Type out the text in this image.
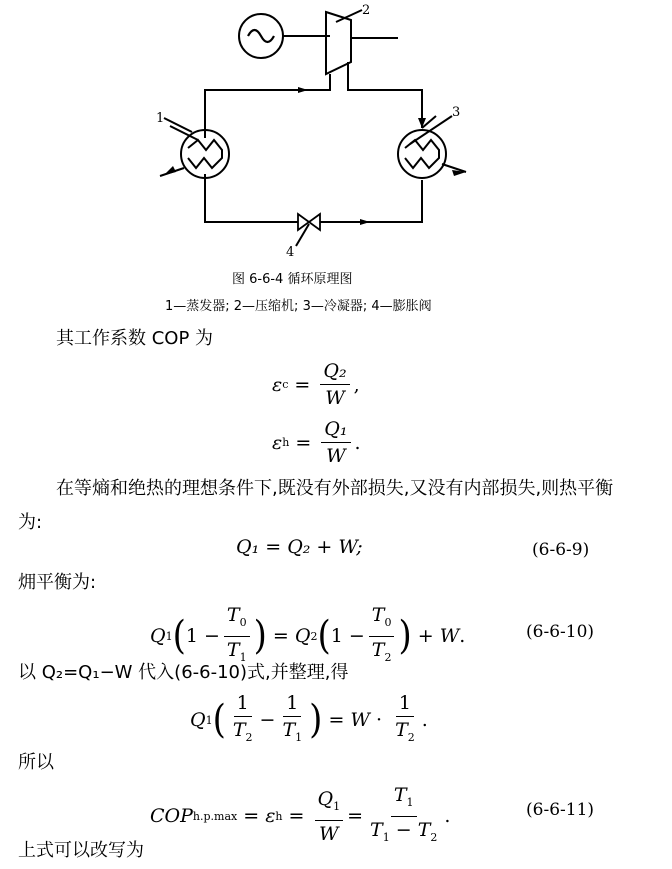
1
2
3
4
图 6-6-4 循环原理图
1—蒸发器; 2—压缩机; 3—冷凝器; 4—膨胀阀
其工作系数 COP 为
ε $c = \frac{\text{Q₂}}{W}$ ,
ε $h = \frac{\text{Q₁}}{W}$ .
在等熵和绝热的理想条件下,既没有外部损失,又没有内部损失,则热平衡为:
Q₁ = Q₂ + W;	(6-6-9)
㶲平衡为:
Q 1 ( $1 - \frac{T_0}{T_1}$ ) = Q 2 ( $1 - \frac{T_0}{T_2}$ ) + W .	(6-6-10)
以 Q₂=Q₁−W 代入(6-6-10)式,并整理,得
Q 1 ( $\frac{1}{T_2} - \frac{1}{T_1}$ ) = $W \cdot \frac{1}{T_2}$ .
所以
COP h.p.max = ε $h = \frac{Q_1}{W} = \frac{T_1}{T_1 - T_2}$ .	(6-6-11)
上式可以改写为
